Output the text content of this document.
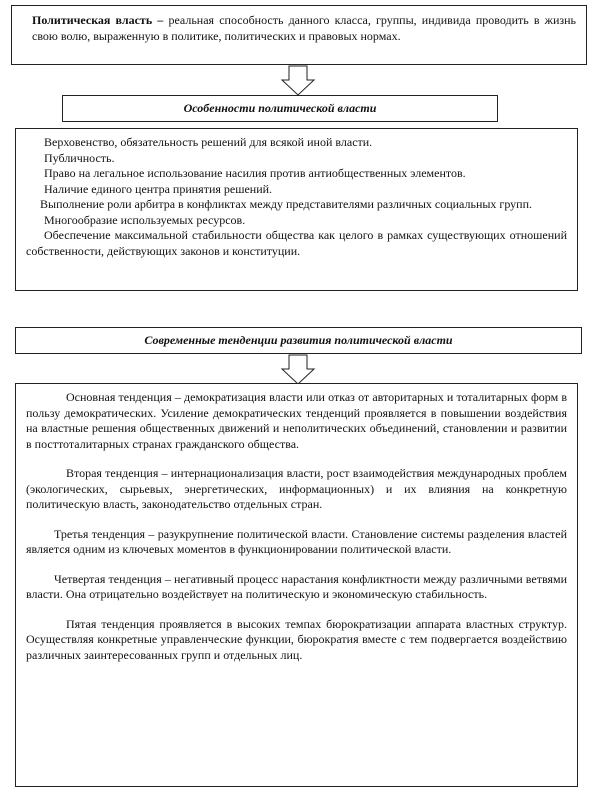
Политическая власть – реальная способность данного класса, группы, индивида проводить в жизнь свою волю, выраженную в политике, политических и правовых нормах.
Особенности политической власти
Верховенство, обязательность решений для всякой иной власти.
Публичность.
Право на легальное использование насилия против антиобщественных элементов.
Наличие единого центра принятия решений.
Выполнение роли арбитра в конфликтах между представителями различных социальных групп.
Многообразие используемых ресурсов.
Обеспечение максимальной стабильности общества как целого в рамках существующих отношений собственности, действующих законов и конституции.
Современные тенденции развития политической власти
Основная тенденция – демократизация власти или отказ от авторитарных и тоталитарных форм в пользу демократических. Усиление демократических тенденций проявляется в повышении воздействия на властные решения общественных движений и неполитических объединений, становлении и развитии в посттоталитарных странах гражданского общества.
Вторая тенденция – интернационализация власти, рост взаимодействия международных проблем (экологических, сырьевых, энергетических, информационных) и их влияния на конкретную политическую власть, законодательство отдельных стран.
Третья тенденция – разукрупнение политической власти. Становление системы разделения властей является одним из ключевых моментов в функционировании политической власти.
Четвертая тенденция – негативный процесс нарастания конфликтности между различными ветвями власти. Она отрицательно воздействует на политическую и экономическую стабильность.
Пятая тенденция проявляется в высоких темпах бюрократизации аппарата властных структур. Осуществляя конкретные управленческие функции, бюрократия вместе с тем подвергается воздействию различных заинтересованных групп и отдельных лиц.
